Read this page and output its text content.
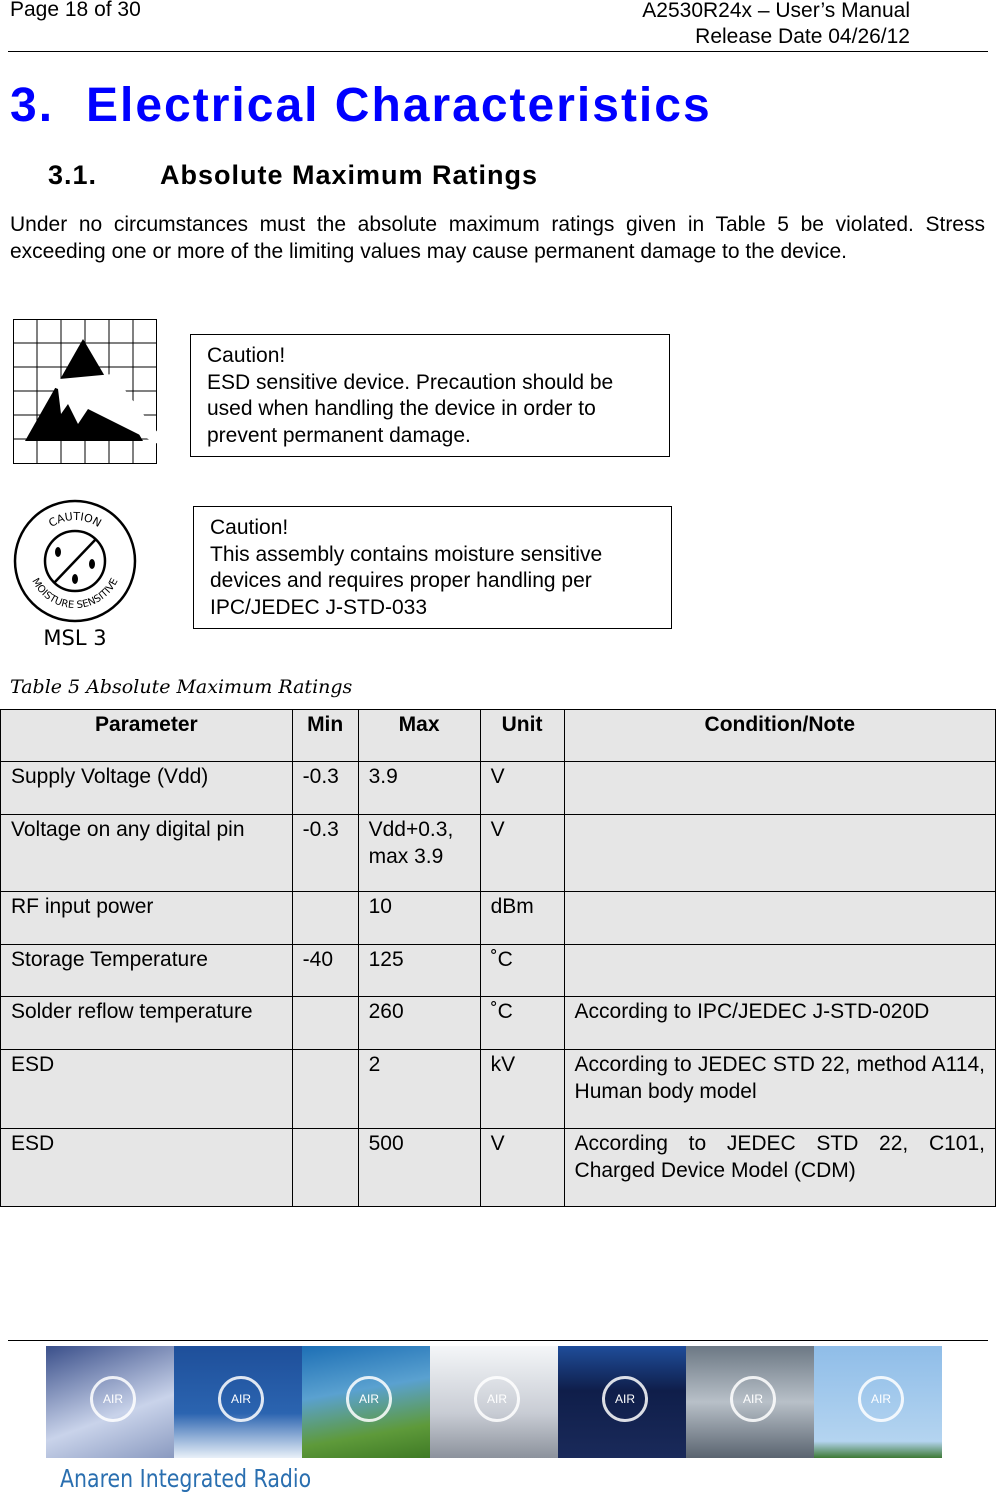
Page 18 of 30	A2530R24x – User’s Manual
Release Date 04/26/12
3. Electrical Characteristics
3.1. Absolute Maximum Ratings
Under no circumstances must the absolute maximum ratings given in Table 5 be violated. Stress exceeding one or more of the limiting values may cause permanent damage to the device.
Caution!
ESD sensitive device. Precaution should be used when handling the device in order to prevent permanent damage.
CAUTION
MOISTURE SENSITIVE
MSL 3
Caution!
This assembly contains moisture sensitive devices and requires proper handling per IPC/JEDEC J-STD-033
Table 5 Absolute Maximum Ratings
Parameter	Min	Max	Unit	Condition/Note
Supply Voltage (Vdd)	-0.3	3.9	V	
Voltage on any digital pin	-0.3	Vdd+0.3, max 3.9	V	
RF input power		10	dBm	
Storage Temperature	-40	125	˚C	
Solder reflow temperature		260	˚C	According to IPC/JEDEC J-STD-020D
ESD		2	kV	According to JEDEC STD 22, method A114, Human body model
ESD		500	V	According to JEDEC STD 22, C101, Charged Device Model (CDM)
AIR	AIR	AIR	AIR	AIR	AIR	AIR
Anaren Integrated Radio
